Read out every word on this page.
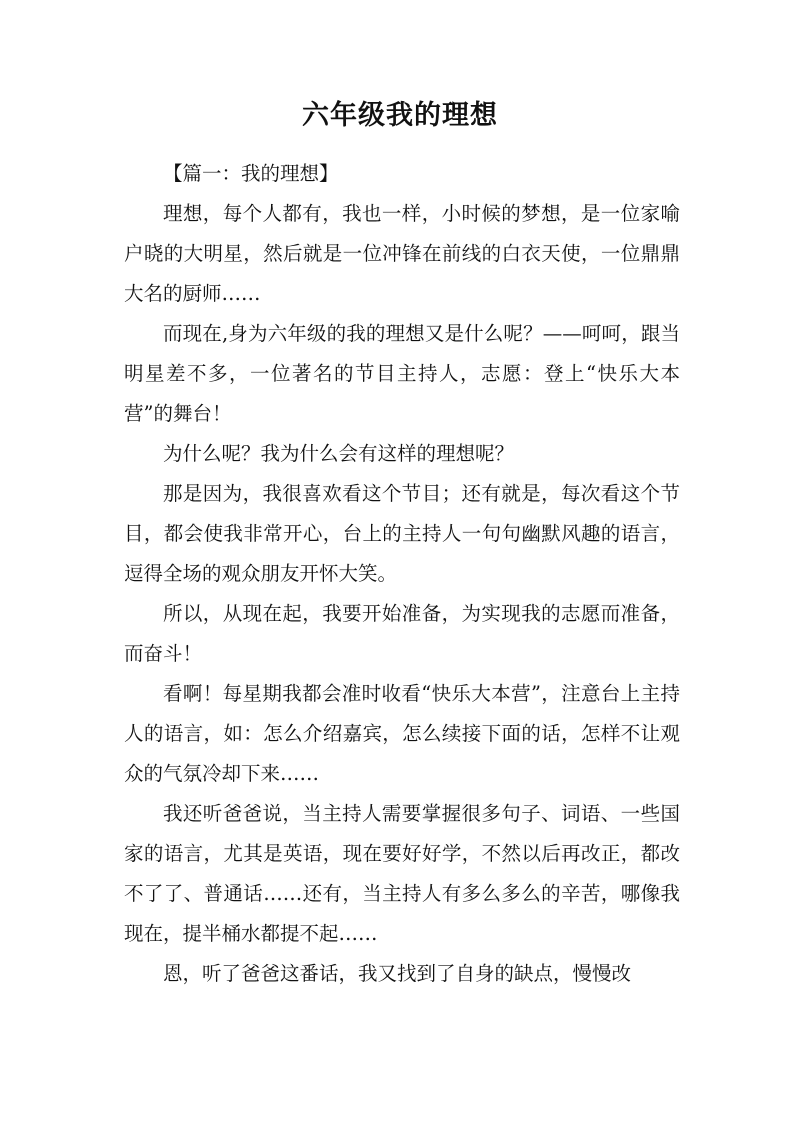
六年级我的理想

【篇一：我的理想】

理想，每个人都有，我也一样，小时候的梦想，是一位家喻户晓的大明星，然后就是一位冲锋在前线的白衣天使，一位鼎鼎大名的厨师……

而现在,身为六年级的我的理想又是什么呢？——呵呵，跟当明星差不多，一位著名的节目主持人，志愿：登上“快乐大本营”的舞台！

为什么呢？我为什么会有这样的理想呢？

那是因为，我很喜欢看这个节目；还有就是，每次看这个节目，都会使我非常开心，台上的主持人一句句幽默风趣的语言，逗得全场的观众朋友开怀大笑。

所以，从现在起，我要开始准备，为实现我的志愿而准备，而奋斗！

看啊！每星期我都会准时收看“快乐大本营”，注意台上主持人的语言，如：怎么介绍嘉宾，怎么续接下面的话，怎样不让观众的气氛冷却下来……

我还听爸爸说，当主持人需要掌握很多句子、词语、一些国家的语言，尤其是英语，现在要好好学，不然以后再改正，都改不了了、普通话……还有，当主持人有多么多么的辛苦，哪像我现在，提半桶水都提不起……

恩，听了爸爸这番话，我又找到了自身的缺点，慢慢改
